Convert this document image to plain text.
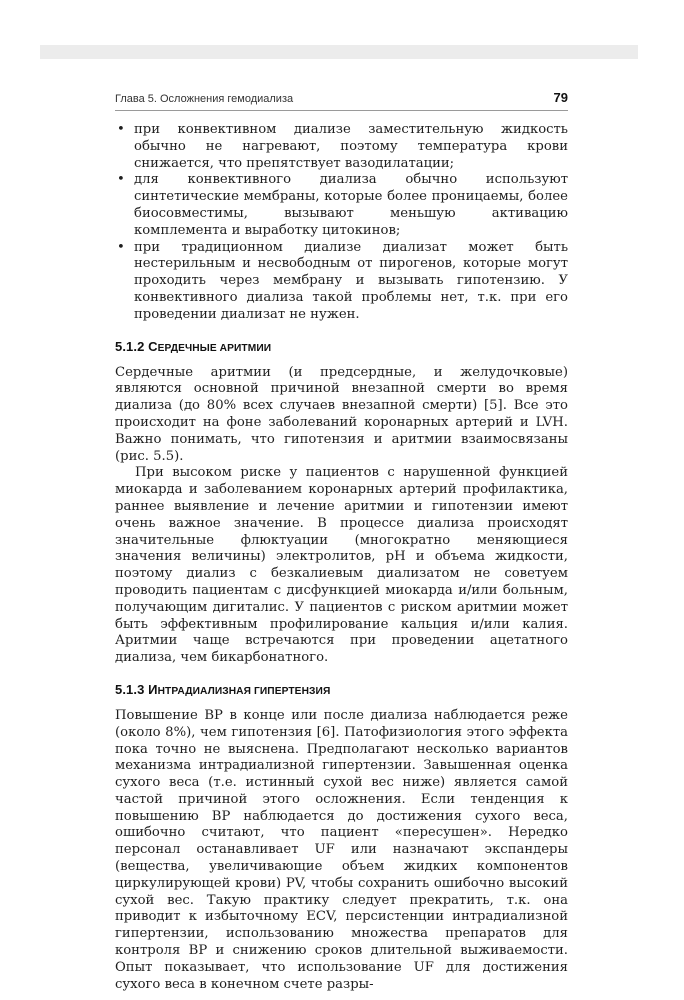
Глава 5. Осложнения гемодиализа	79
• при конвективном диализе заместительную жидкость обычно не нагревают, поэтому температура крови снижается, что препятствует вазодилатации;
• для конвективного диализа обычно используют синтетические мембраны, которые более проницаемы, более биосовместимы, вызывают меньшую активацию комплемента и выработку цитокинов;
• при традиционном диализе диализат может быть нестерильным и несвободным от пирогенов, которые могут проходить через мембрану и вызывать гипотензию. У конвективного диализа такой проблемы нет, т.к. при его проведении диализат не нужен.
5.1.2 СЕРДЕЧНЫЕ АРИТМИИ

Сердечные аритмии (и предсердные, и желудочковые) являются основной причиной внезапной смерти во время диализа (до 80% всех случаев внезапной смерти) [5]. Все это происходит на фоне заболеваний коронарных артерий и LVH. Важно понимать, что гипотензия и аритмии взаимосвязаны (рис. 5.5).

При высоком риске у пациентов с нарушенной функцией миокарда и заболеванием коронарных артерий профилактика, раннее выявление и лечение аритмии и гипотензии имеют очень важное значение. В процессе диализа происходят значительные флюктуации (многократно меняющиеся значения величины) электролитов, pH и объема жидкости, поэтому диализ с безкалиевым диализатом не советуем проводить пациентам с дисфункцией миокарда и/или больным, получающим дигиталис. У пациентов с риском аритмии может быть эффективным профилирование кальция и/или калия. Аритмии чаще встречаются при проведении ацетатного диализа, чем бикарбонатного.

5.1.3 ИНТРАДИАЛИЗНАЯ ГИПЕРТЕНЗИЯ

Повышение BP в конце или после диализа наблюдается реже (около 8%), чем гипотензия [6]. Патофизиология этого эффекта пока точно не выяснена. Предполагают несколько вариантов механизма интрадиализной гипертензии. Завышенная оценка сухого веса (т.е. истинный сухой вес ниже) является самой частой причиной этого осложнения. Если тенденция к повышению BP наблюдается до достижения сухого веса, ошибочно считают, что пациент «пересушен». Нередко персонал останавливает UF или назначают экспандеры (вещества, увеличивающие объем жидких компонентов циркулирующей крови) PV, чтобы сохранить ошибочно высокий сухой вес. Такую практику следует прекратить, т.к. она приводит к избыточному ECV, персистенции интрадиализной гипертензии, использованию множества препаратов для контроля BP и снижению сроков длительной выживаемости. Опыт показывает, что использование UF для достижения сухого веса в конечном счете разры-
